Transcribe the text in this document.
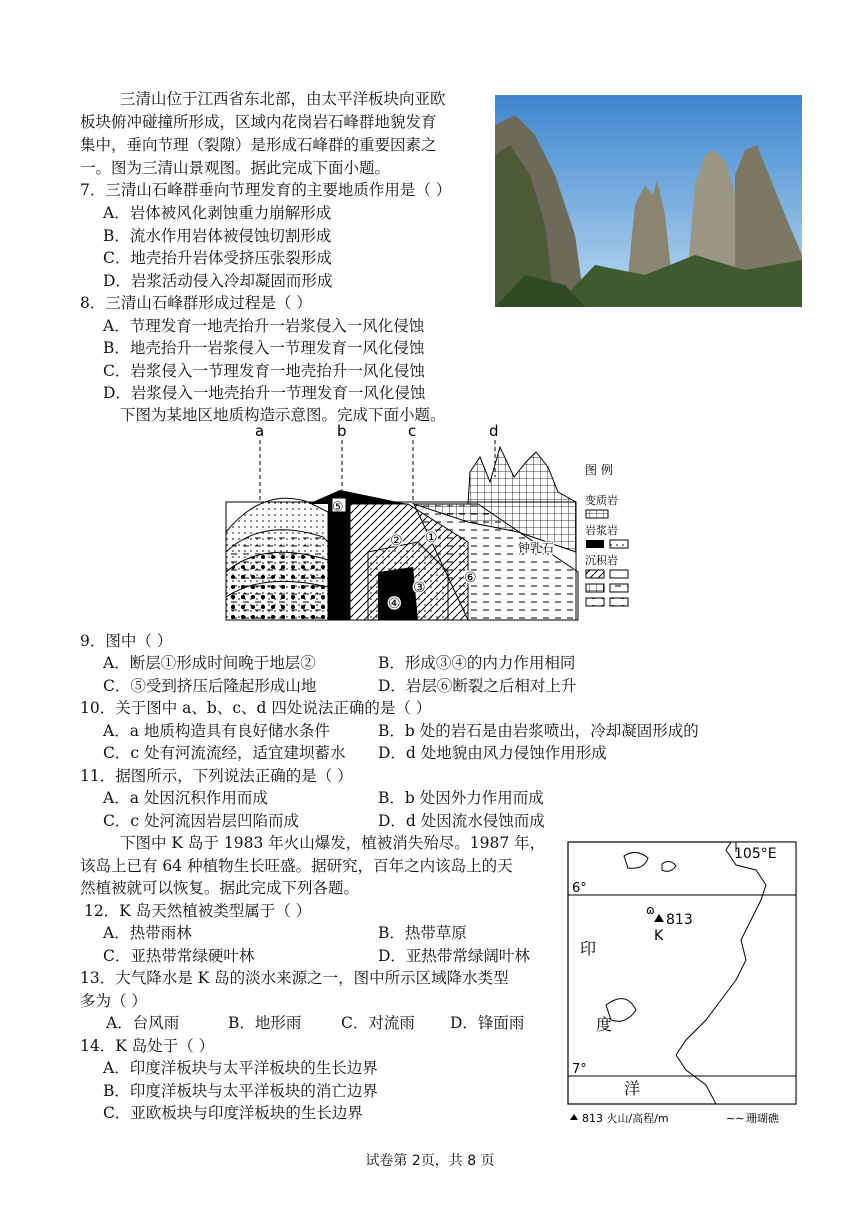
三清山位于江西省东北部，由太平洋板块向亚欧
板块俯冲碰撞所形成，区域内花岗岩石峰群地貌发育
集中，垂向节理（裂隙）是形成石峰群的重要因素之
一。图为三清山景观图。据此完成下面小题。
7．三清山石峰群垂向节理发育的主要地质作用是（ ）
A．岩体被风化剥蚀重力崩解形成
B．流水作用岩体被侵蚀切割形成
C．地壳抬升岩体受挤压张裂形成
D．岩浆活动侵入冷却凝固而形成
8．三清山石峰群形成过程是（ ）
A．节理发育一地壳抬升一岩浆侵入一风化侵蚀
B．地壳抬升一岩浆侵入一节理发育一风化侵蚀
C．岩浆侵入一节理发育一地壳抬升一风化侵蚀
D．岩浆侵入一地壳抬升一节理发育一风化侵蚀
下图为某地区地质构造示意图。完成下面小题。
a	b	c	d
⑤
② ①
③
④
⑥
钟乳石
图 例
变质岩
岩浆岩
沉积岩
9．图中（ ）
A．断层①形成时间晚于地层②	B．形成③④的内力作用相同
C．⑤受到挤压后隆起形成山地	D．岩层⑥断裂之后相对上升
10．关于图中 a、b、c、d 四处说法正确的是（ ）
A．a 地质构造具有良好储水条件	B．b 处的岩石是由岩浆喷出，冷却凝固形成的
C．c 处有河流流经，适宜建坝蓄水 D．d 处地貌由风力侵蚀作用形成
11．据图所示，下列说法正确的是（ ）
A．a 处因沉积作用而成	B．b 处因外力作用而成
C．c 处河流因岩层凹陷而成	D．d 处因流水侵蚀而成
下图中 K 岛于 1983 年火山爆发，植被消失殆尽。1987 年，
该岛上已有 64 种植物生长旺盛。据研究，百年之内该岛上的天
然植被就可以恢复。据此完成下列各题。
12．K 岛天然植被类型属于（ ）
A．热带雨林	B．热带草原
C．亚热带常绿硬叶林	D．亚热带常绿阔叶林
13．大气降水是 K 岛的淡水来源之一，图中所示区域降水类型
多为（ ）
A．台风雨	B．地形雨	C．对流雨 D．锋面雨
14．K 岛处于（ ）
A．印度洋板块与太平洋板块的生长边界
B．印度洋板块与太平洋板块的消亡边界
C．亚欧板块与印度洋板块的生长边界
813
K
ɷ
105°E
6°
7°
印
度
洋
813 火山/高程/m	∼∼ 珊瑚礁
试卷第 2页，共 8 页
